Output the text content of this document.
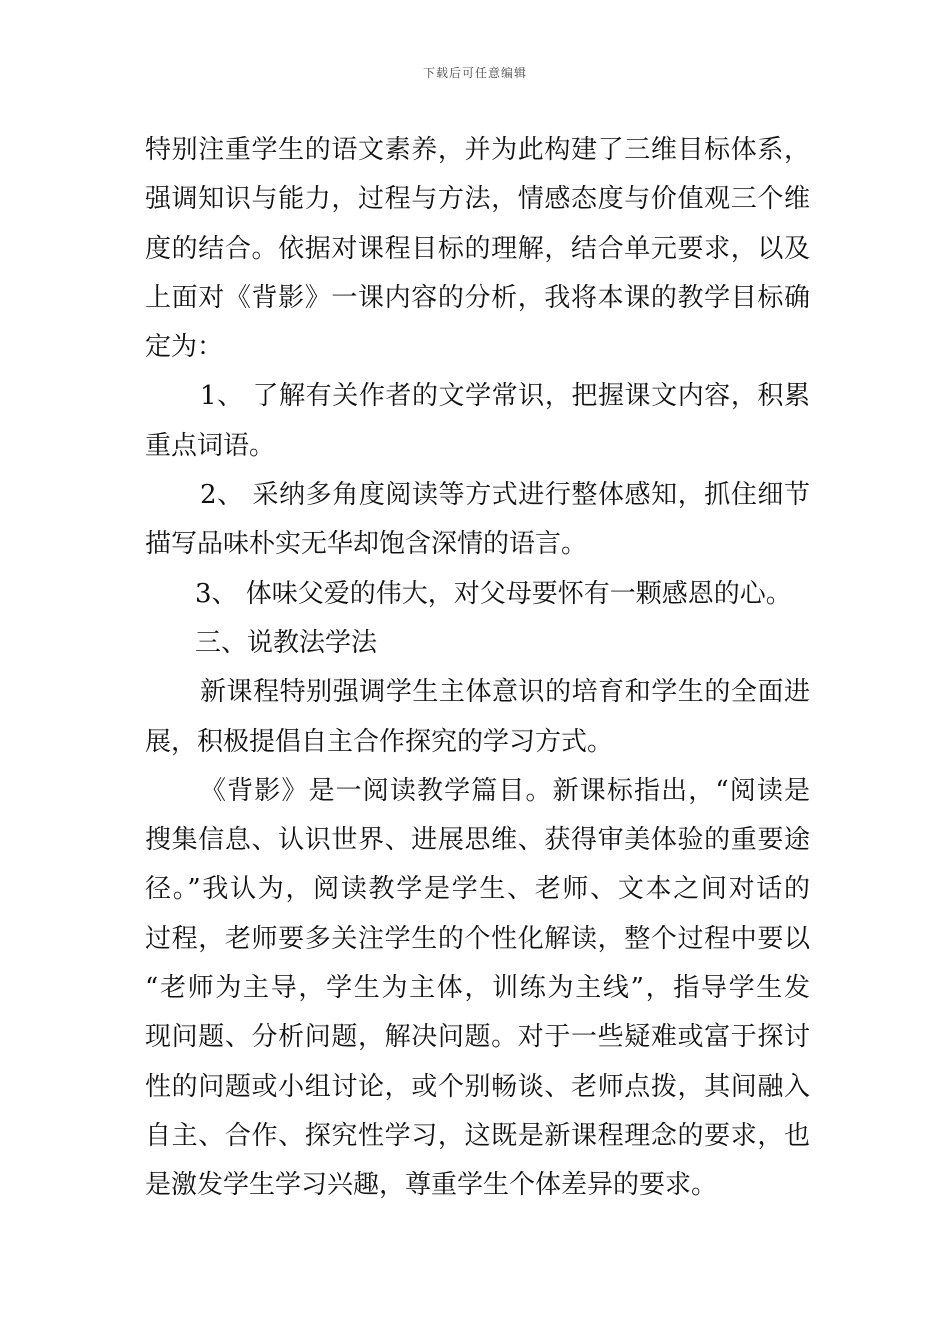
下载后可任意编辑
特别注重学生的语文素养，并为此构建了三维目标体系，
强调知识与能力，过程与方法，情感态度与价值观三个维
度的结合。依据对课程目标的理解，结合单元要求，以及
上面对《背影》一课内容的分析，我将本课的教学目标确
定为：
1、 了解有关作者的文学常识，把握课文内容，积累
重点词语。
2、 采纳多角度阅读等方式进行整体感知，抓住细节
描写品味朴实无华却饱含深情的语言。
3、 体味父爱的伟大，对父母要怀有一颗感恩的心。
三、说教法学法
新课程特别强调学生主体意识的培育和学生的全面进
展，积极提倡自主合作探究的学习方式。
《背影》是一阅读教学篇目。新课标指出，“阅读是
搜集信息、认识世界、进展思维、获得审美体验的重要途
径。”我认为，阅读教学是学生、老师、文本之间对话的
过程，老师要多关注学生的个性化解读，整个过程中要以
“老师为主导，学生为主体，训练为主线”，指导学生发
现问题、分析问题，解决问题。对于一些疑难或富于探讨
性的问题或小组讨论，或个别畅谈、老师点拨，其间融入
自主、合作、探究性学习，这既是新课程理念的要求，也
是激发学生学习兴趣，尊重学生个体差异的要求。
